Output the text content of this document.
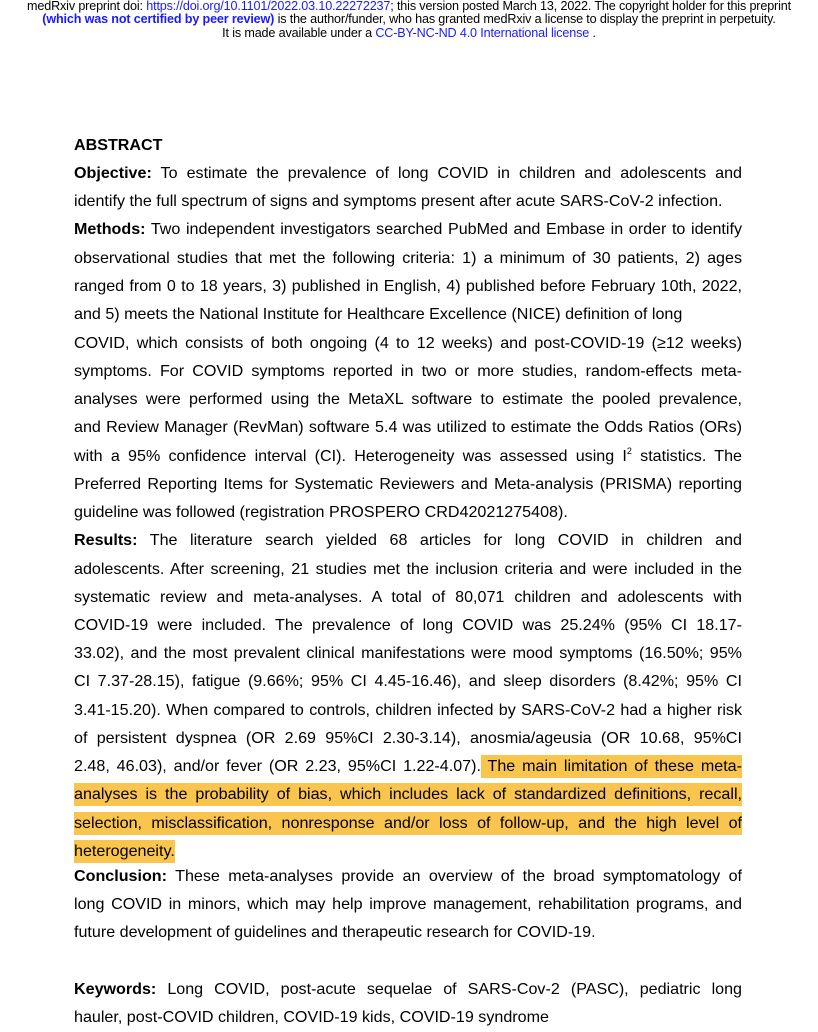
medRxiv preprint doi: https://doi.org/10.1101/2022.03.10.22272237; this version posted March 13, 2022. The copyright holder for this preprint
(which was not certified by peer review) is the author/funder, who has granted medRxiv a license to display the preprint in perpetuity.
It is made available under a CC-BY-NC-ND 4.0 International license .
ABSTRACT
Objective: To estimate the prevalence of long COVID in children and adolescents and
identify the full spectrum of signs and symptoms present after acute SARS-CoV-2 infection.
Methods: Two independent investigators searched PubMed and Embase in order to identify
observational studies that met the following criteria: 1) a minimum of 30 patients, 2) ages
ranged from 0 to 18 years, 3) published in English, 4) published before February 10th, 2022,
and 5) meets the National Institute for Healthcare Excellence (NICE) definition of long
COVID, which consists of both ongoing (4 to 12 weeks) and post-COVID-19 (≥12 weeks)
symptoms. For COVID symptoms reported in two or more studies, random-effects meta-
analyses were performed using the MetaXL software to estimate the pooled prevalence,
and Review Manager (RevMan) software 5.4 was utilized to estimate the Odds Ratios (ORs)
with a 95% confidence interval (CI). Heterogeneity was assessed using $I^2$ statistics. The
Preferred Reporting Items for Systematic Reviewers and Meta-analysis (PRISMA) reporting
guideline was followed (registration PROSPERO CRD42021275408).
Results: The literature search yielded 68 articles for long COVID in children and
adolescents. After screening, 21 studies met the inclusion criteria and were included in the
systematic review and meta-analyses. A total of 80,071 children and adolescents with
COVID-19 were included. The prevalence of long COVID was 25.24% (95% CI 18.17-
33.02), and the most prevalent clinical manifestations were mood symptoms (16.50%; 95%
CI 7.37-28.15), fatigue (9.66%; 95% CI 4.45-16.46), and sleep disorders (8.42%; 95% CI
3.41-15.20). When compared to controls, children infected by SARS-CoV-2 had a higher risk
of persistent dyspnea (OR 2.69 95%CI 2.30-3.14), anosmia/ageusia (OR 10.68, 95%CI
2.48, 46.03), and/or fever (OR 2.23, 95%CI 1.22-4.07). The main limitation of these meta-
analyses is the probability of bias, which includes lack of standardized definitions, recall,
selection, misclassification, nonresponse and/or loss of follow-up, and the high level of
heterogeneity.
Conclusion: These meta-analyses provide an overview of the broad symptomatology of
long COVID in minors, which may help improve management, rehabilitation programs, and
future development of guidelines and therapeutic research for COVID-19.
Keywords: Long COVID, post-acute sequelae of SARS-Cov-2 (PASC), pediatric long
hauler, post-COVID children, COVID-19 kids, COVID-19 syndrome
